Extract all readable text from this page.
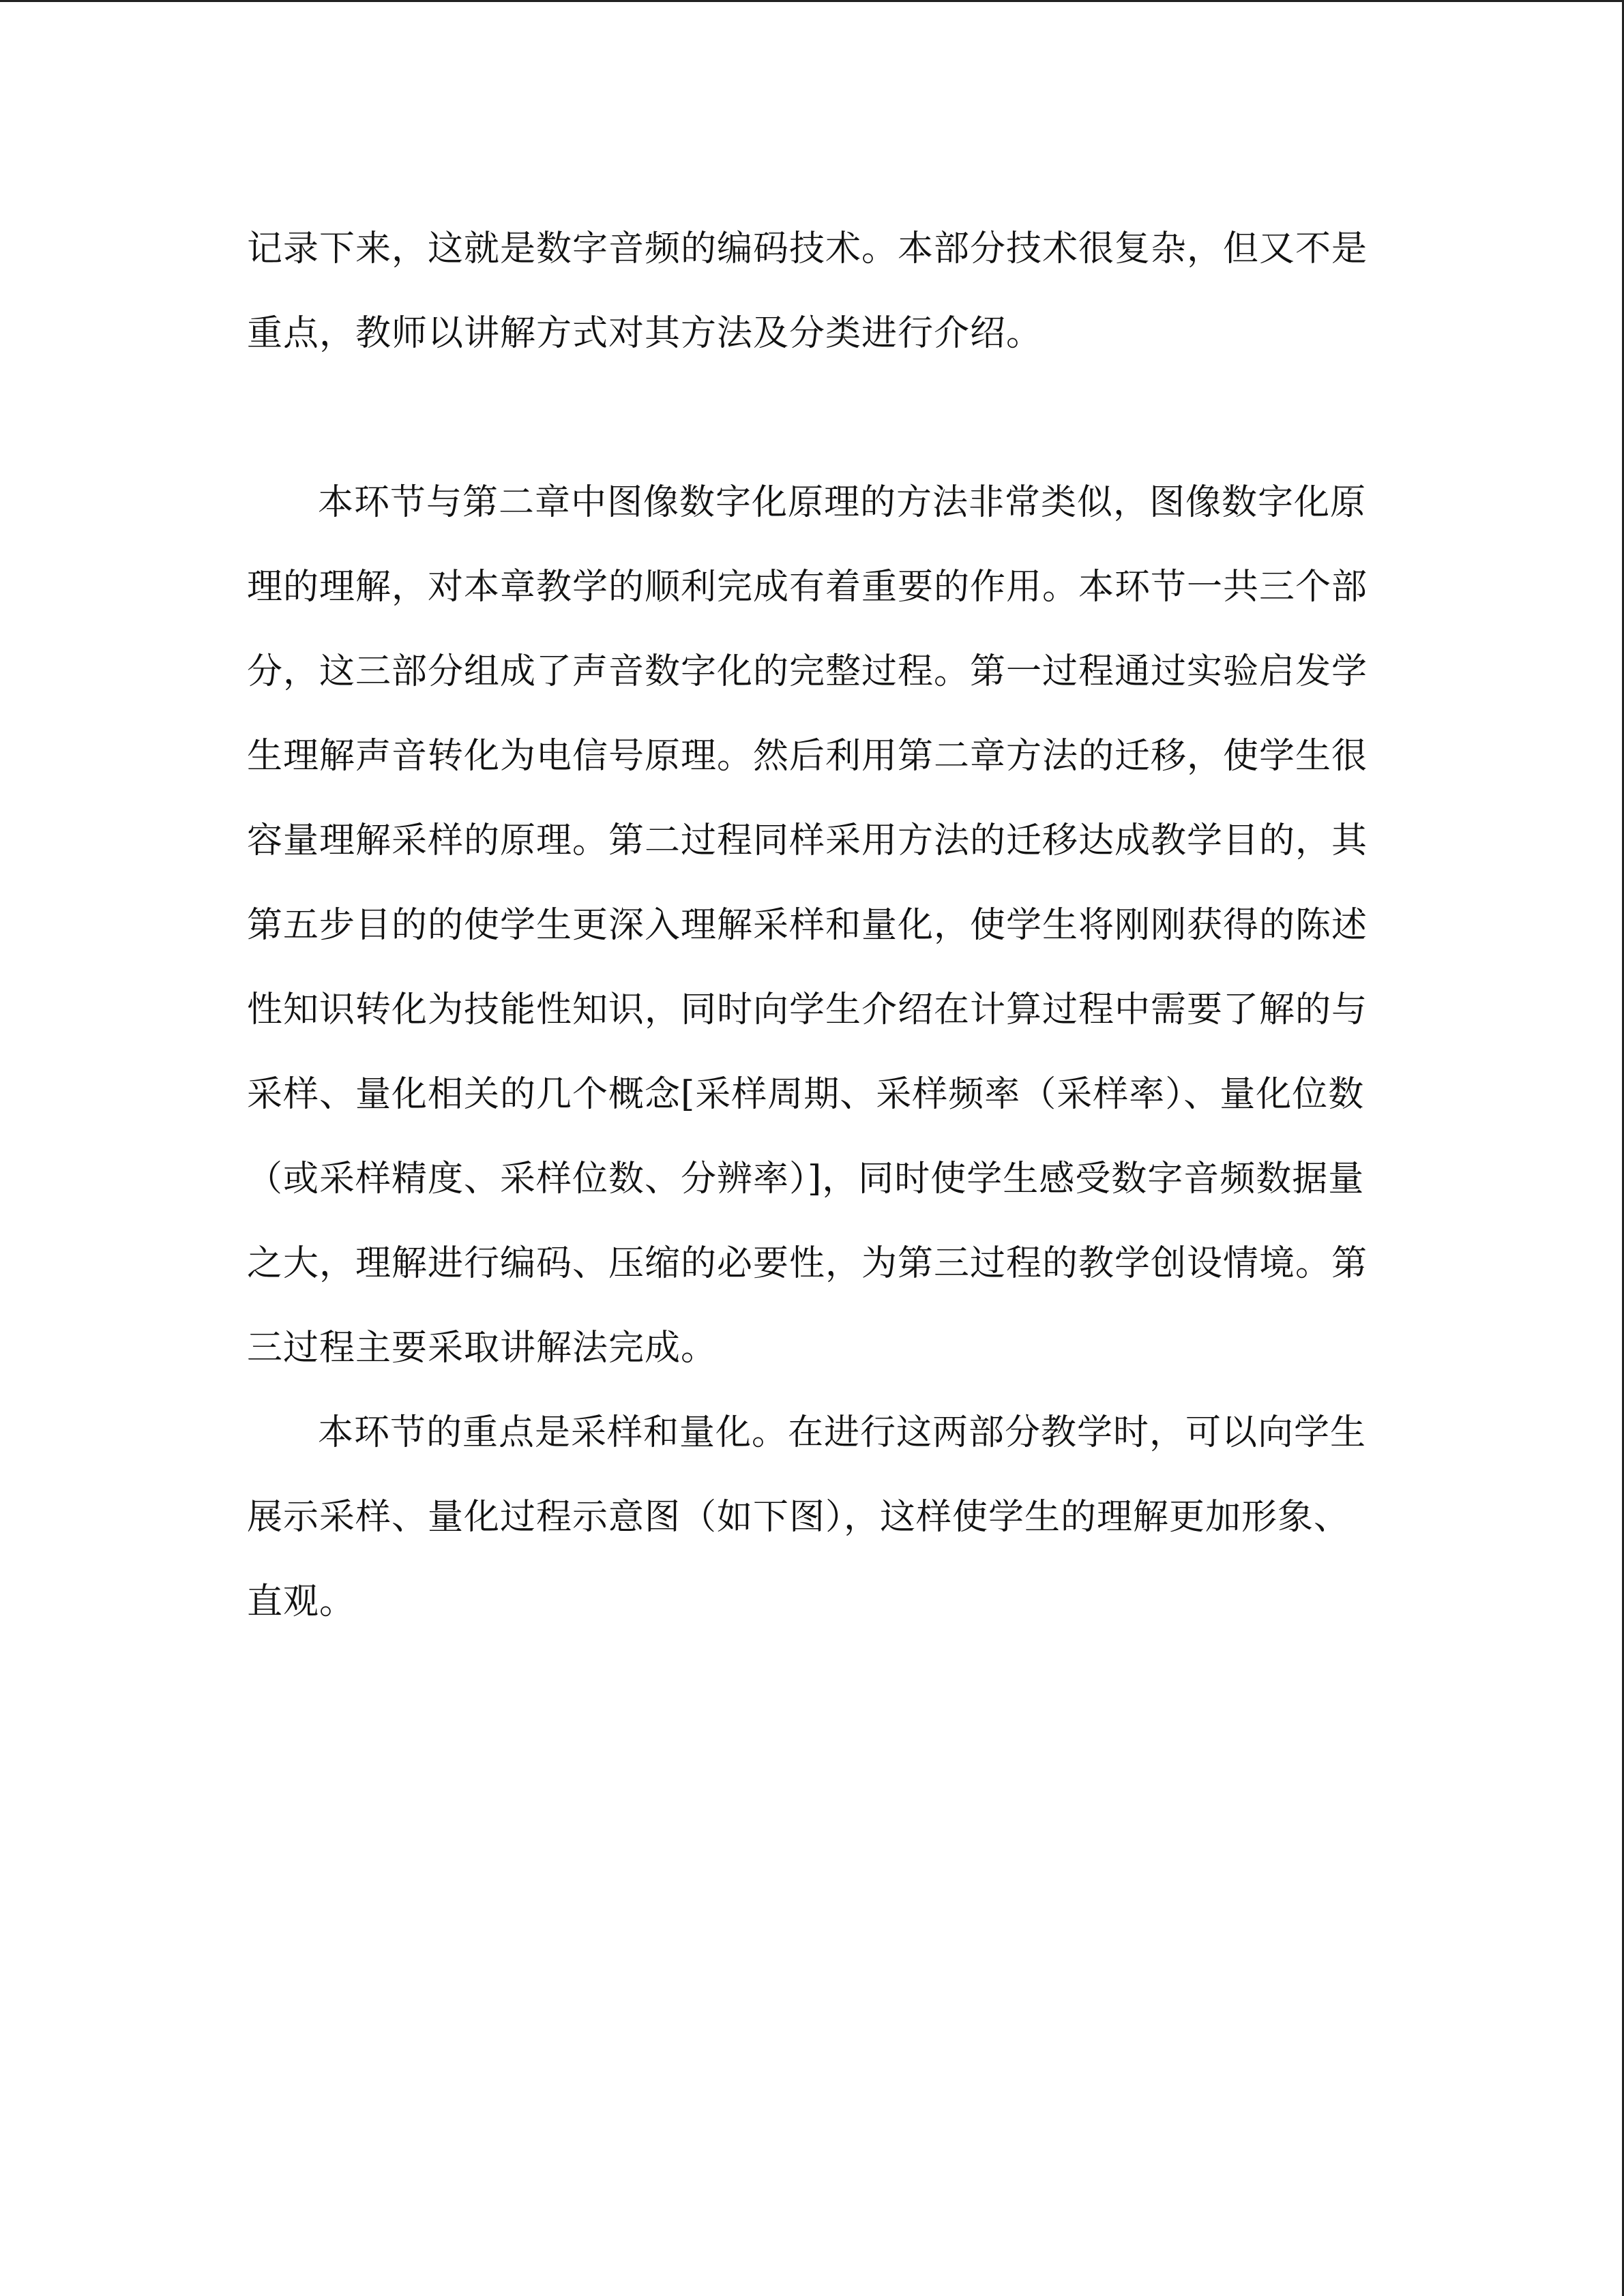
记录下来，这就是数字音频的编码技术。本部分技术很复杂，但又不是重点，教师以讲解方式对其方法及分类进行介绍。

本环节与第二章中图像数字化原理的方法非常类似，图像数字化原理的理解，对本章教学的顺利完成有着重要的作用。本环节一共三个部分，这三部分组成了声音数字化的完整过程。第一过程通过实验启发学生理解声音转化为电信号原理。然后利用第二章方法的迁移，使学生很容量理解采样的原理。第二过程同样采用方法的迁移达成教学目的，其第五步目的的使学生更深入理解采样和量化，使学生将刚刚获得的陈述性知识转化为技能性知识，同时向学生介绍在计算过程中需要了解的与采样、量化相关的几个概念[采样周期、采样频率（采样率）、量化位数（或采样精度、采样位数、分辨率）]，同时使学生感受数字音频数据量之大，理解进行编码、压缩的必要性，为第三过程的教学创设情境。第三过程主要采取讲解法完成。

本环节的重点是采样和量化。在进行这两部分教学时，可以向学生展示采样、量化过程示意图（如下图），这样使学生的理解更加形象、直观。
